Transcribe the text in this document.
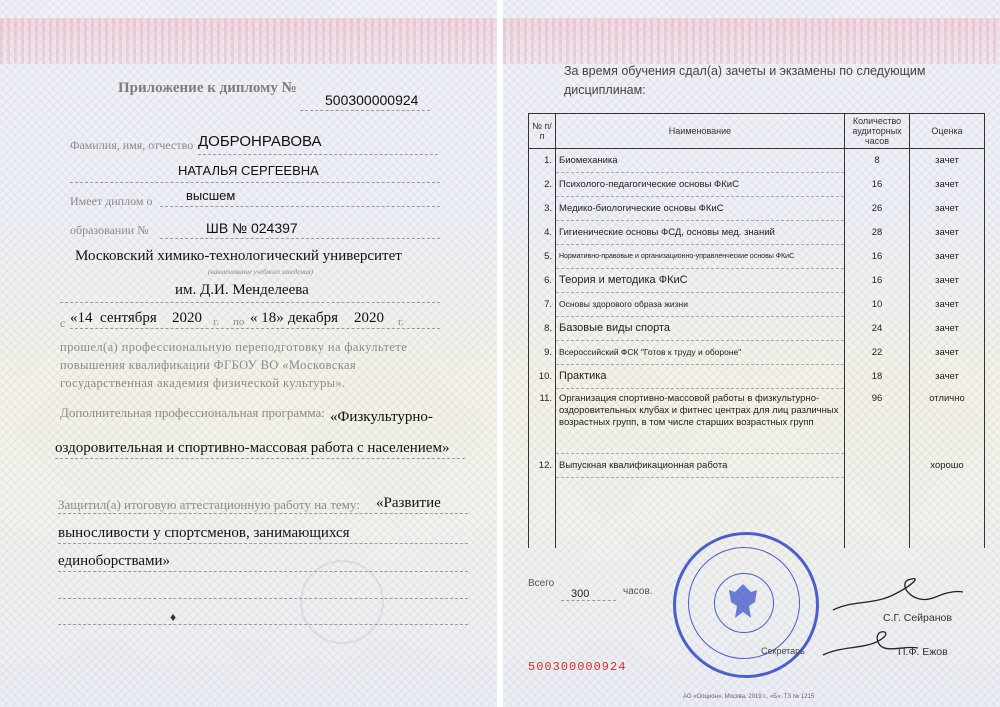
Приложение к диплому №
500300000924
Фамилия, имя, отчество ДОБРОНРАВОВА
НАТАЛЬЯ СЕРГЕЕВНА
Имеет диплом о	высшем
образовании №	ШВ № 024397
Московский химико-технологический университет
(наименование учебного заведения)
им. Д.И. Менделеева
с «14 сентября 2020 г. по « 18» декабря 2020 г.
прошел(а) профессиональную переподготовку на факультете
повышения квалификации ФГБОУ ВО «Московская
государственная академия физической культуры».
Дополнительная профессиональная программа: «Физкультурно-
оздоровительная и спортивно-массовая работа с населением»
Защитил(а) итоговую аттестационную работу на тему: «Развитие
выносливости у спортсменов, занимающихся
единоборствами»
♦
За время обучения сдал(а) зачеты и экзамены по следующим
дисциплинам:
№ п/п	Наименование	Количество аудиторных часов	Оценка
1.	Биомеханика	8	зачет
2.	Психолого-педагогические основы ФКиС	16	зачет
3.	Медико-биологические основы ФКиС	26	зачет
4.	Гигиенические основы ФСД, основы мед. знаний	28	зачет
5.	Нормативно-правовые и организационно-управленческие основы ФКиС	16	зачет
6.	Теория и методика ФКиС	16	зачет
7.	Основы здорового образа жизни	10	зачет
8.	Базовые виды спорта	24	зачет
9.	Всероссийский ФСК "Готов к труду и обороне"	22	зачет
10.	Практика	18	зачет
11.	Организация спортивно-массовой работы в физкультурно-оздоровительных клубах и фитнес центрах для лиц различных возрастных групп, в том числе старших возрастных групп	96	отлично
12.	Выпускная квалификационная работа		хорошо

Всего
300	часов.
С.Г. Сейранов
Секретарь	П.Ф. Ежов
500300000924
АО «Опцион», Москва, 2019 г., «Б». ТЗ № 1215
